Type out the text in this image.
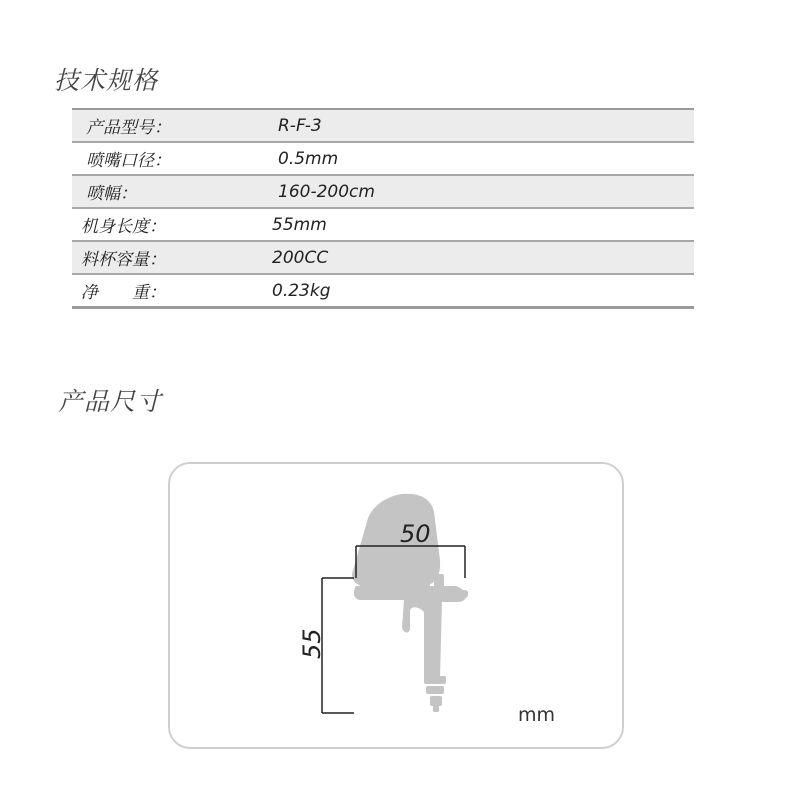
技术规格
产品型号：	R-F-3
喷嘴口径：	0.5mm
喷幅：	160-200cm
机身长度：	55mm
料杯容量：	200CC
净　　重：	0.23kg
产品尺寸
50
55
mm
